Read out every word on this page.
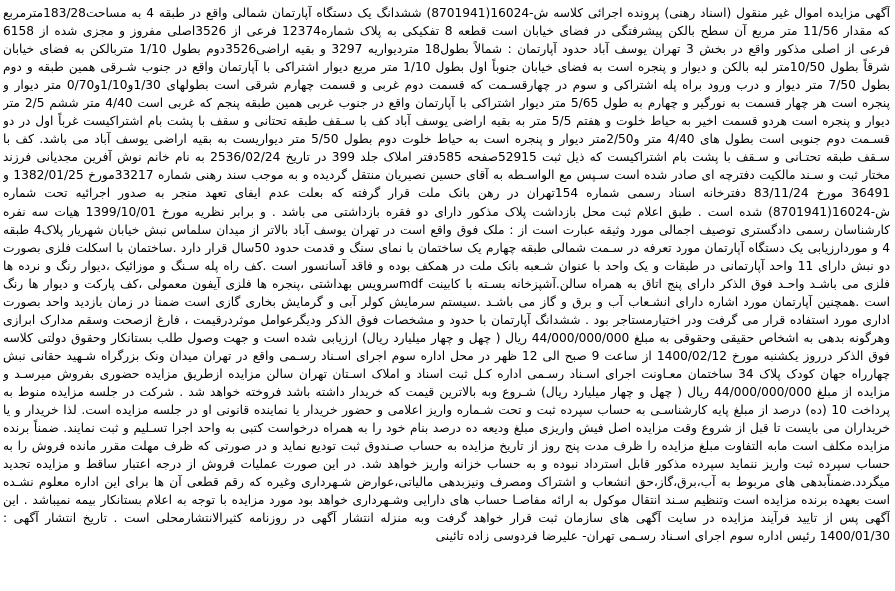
آگهی مزایده اموال غیر منقول (اسناد رهنی) پرونده اجرائی کلاسه ش-16024(8701941) ششدانگ یک دستگاه آپارتمان شمالی واقع در طبقه 4 به مساحت183/28مترمربع که مقدار 11/56 متر مربع آن سطح بالکن پیشرفتگی در فضای خیابان است قطعه 8 تفکیکی به پلاک شماره12374 فرعی از 3526اصلی مفروز و مجزی شده از 6158 فرعی از اصلی مذکور واقع در بخش 3 تهران یوسف آباد حدود آپارتمان : شمالاً بطول18 متردیواریه 3297 و بقیه اراضی3526دوم بطول 1/10 متربالکن به فضای خیابان شرقاً بطول 10/50متر لبه بالکن و دیوار و پنجره است به فضای خیابان جنوباً اول بطول 1/10 متر مربع دیوار اشتراکی با آپارتمان واقع در جنوب شـرقی همین طبقه و دوم بطول 7/50 متر دیوار و درب ورود براه پله اشتراکی و سوم در چهارقسـمت که قسمت دوم غربی و قسمت چهارم شرقی است بطولهای 1/30و1/10و0/70 متر دیوار و پنجره است هر چهار قسمت به نورگیر و چهارم به طول 5/65 متر دیوار اشتراکی با آپارتمان واقع در جنوب غربی همین طبقه پنجم که غربی است 4/40 متر ششم 2/5 متر دیوار و پنجره است هردو قسمت اخیر به حیاط خلوت و هفتم 5/5 متر به بقیه اراضی یوسف آباد کف با سـقف طبقه تحتانی و سقف با پشت بام اشتراکیست غرباً اول در دو قسـمت دوم جنوبی است بطول های 4/40 متر و2/50متر دیوار و پنجره است به حیاط خلوت دوم بطول 5/50 متر دیواریست به بقیه اراضی یوسف آباد می باشد. کف با سـقف طبقه تحتـانی و سـقف با پشت بام اشتراکیست که ذیل ثبت 52915صفحه 585دفتر املاک جلد 399 در تاریخ 2536/02/24 به نام خانم نوش آفرین مجدیانی فرزند مختار ثبت و سـند مالکیت دفترچه ای صادر شده است سـپس مع الواسـطه به آقای حسین نصیریان منتقل گردیده و به موجب سند رهنی شماره 33217مورخ 1382/01/25 و 36491 مورخ 83/11/24 دفترخانه اسناد رسمی شماره 154تهران در رهن بانک ملت قرار گرفته که بعلت عدم ایفای تعهد منجر به صدور اجرائیه تحت شماره ش-16024(8701941) شده است . طبق اعلام ثبت محل بازداشت پلاک مذکور دارای دو فقره بازداشتی می باشد . و برابر نظریه مورخ 1399/10/01 هیات سه نفره کارشناسان رسمی دادگستری توصیف اجمالی مورد وثیقه عبارت است از : ملک فوق واقع است در تهران یوسف آباد بالاتر از میدان سلماس نبش خیابان شهریار پلاک4 طبقه 4 و موردارزیابی یک دستگاه آپارتمان مورد تعرفه در سـمت شمالی طبقه چهارم یک ساختمان با نمای سنگ و قدمت حدود 50سال قرار دارد .ساختمان با اسکلت فلزی بصورت دو نبش دارای 11 واحد آپارتمانی در طبقات و یک واحد با عنوان شـعبه بانک ملت در همکف بوده و فاقد آسانسور است .کف راه پله سـنگ و موزائیک ،دیوار رنگ و نرده ها فلزی می باشـد واحـد فوق الذکر دارای پنج اتاق به همراه سالن.آشپزخانه بسـته با کابینت mdfسرویس بهداشتی ،پنجره ها فلزی آیفون معمولی ،کف پارکت و دیوار ها رنگ است .همچنین آپارتمان مورد اشاره دارای انشـعاب آب و برق و گاز می باشـد .سیستم سرمایش کولر آبی و گرمایش بخاری گازی است ضمنا در زمان بازدید واحد بصورت اداری مورد استفاده قرار می گرفت ودر اختیارمستاجر بود . ششدانگ آپارتمان با حدود و مشخصات فوق الذکر ودیگرعوامل موثردرقیمت ، فارغ ازصحت وسقم مدارک ابرازی وهرگونه بدهی به اشخاص حقیقی وحقوقی به مبلغ 44/000/000/000 ریال ( چهل و چهار میلیارد ریال) ارزیابی شده است و جهت وصول طلب بستانکار وحقوق دولتی کلاسه فوق الذکر درروز یکشنبه مورخ 1400/02/12 از ساعت 9 صبح الی 12 ظهر در محل اداره سوم اجرای اسـناد رسـمی واقع در تهران میدان ونک بزرگراه شـهید حقانی نبش چهارراه جهان کودک پلاک 34 ساختمان معـاونت اجرای اسـناد رسـمی اداره کـل ثبت اسناد و املاک اسـتان تهران سالن مزایده ازطریق مزایده حضوری بفروش میرسـد و مزایده از مبلغ 44/000/000/000 ریال ( چهل و چهار میلیارد ریال) شـروع وبه بالاترین قیمت که خریدار داشته باشد فروخته خواهد شد . شرکت در جلسه مزایده منوط به پرداخت 10 (ده) درصد از مبلغ پایه کارشناسـی به حساب سپرده ثبت و تحت شـماره واریز اعلامی و حضور خریدار یا نماینده قانونی او در جلسه مزایده است. لذا خریدار و یا خریداران می بایست تا قبل از شروع وقت مزایده اصل فیش واریزی مبلغ ودیعه ده درصد بنام خود را به همراه درخواست کتبی به واحد اجرا تسـلیم و ثبت نمایند. ضمناً برنده مزایده مکلف است مابه التفاوت مبلغ مزایده را ظرف مدت پنج روز از تاریخ مزایده به حساب صـندوق ثبت تودیع نماید و در صورتی که ظرف مهلت مقرر مانده فروش را به حساب سپرده ثبت واریز ننماید سپرده مذکور قابل استرداد نبوده و به حساب خزانه واریز خواهد شد. در این صورت عملیات فروش از درجه اعتبار ساقط و مزایده تجدید میگردد.ضمناًبدهی های مربوط به آب،برق،گاز،حق انشعاب و اشتراک ومصرف ونیزبدهی مالیاتی،عوارض شـهرداری وغیره که رقم قطعی آن ها برای این اداره معلوم نشـده است بعهده برنده مزایده است وتنظیم سـند انتقال موکول به ارائه مفاصـا حساب های دارایی وشـهرداری خواهد بود مورد مزایده با توجه به اعلام بستانکار بیمه نمیباشد . این آگهی پس از تایید فرآیند مزایده در سایت آگهی های سازمان ثبت قرار خواهد گرفت وبه منزله انتشار آگهی در روزنامه کثیرالانتشارمحلی است . تاریخ انتشار آگهی : 1400/01/30 رئیس اداره سوم اجرای اسـناد رسـمی تهران- علیرضا فردوسی زاده تائینی
